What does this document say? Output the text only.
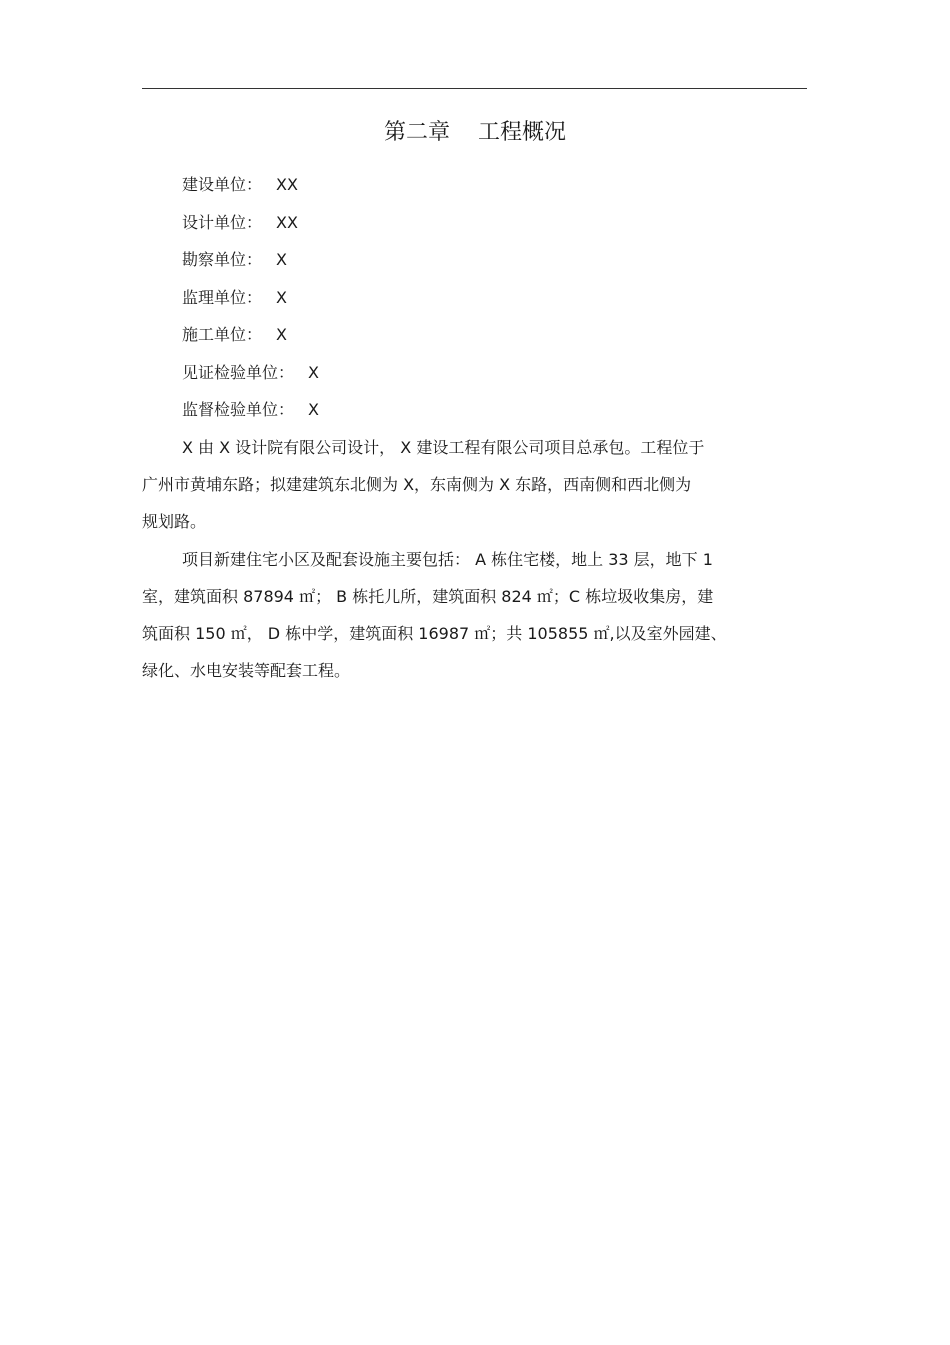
第二章 工程概况
建设单位： XX
设计单位： XX
勘察单位： X
监理单位： X
施工单位： X
见证检验单位： X
监督检验单位： X
X 由 X 设计院有限公司设计， X 建设工程有限公司项目总承包。工程位于
广州市黄埔东路；拟建建筑东北侧为 X，东南侧为 X 东路，西南侧和西北侧为
规划路。
项目新建住宅小区及配套设施主要包括： A 栋住宅楼，地上 33 层，地下 1
室，建筑面积 87894 ㎡； B 栋托儿所，建筑面积 824 ㎡；C 栋垃圾收集房，建
筑面积 150 ㎡， D 栋中学，建筑面积 16987 ㎡；共 105855 ㎡,以及室外园建、
绿化、水电安装等配套工程。
